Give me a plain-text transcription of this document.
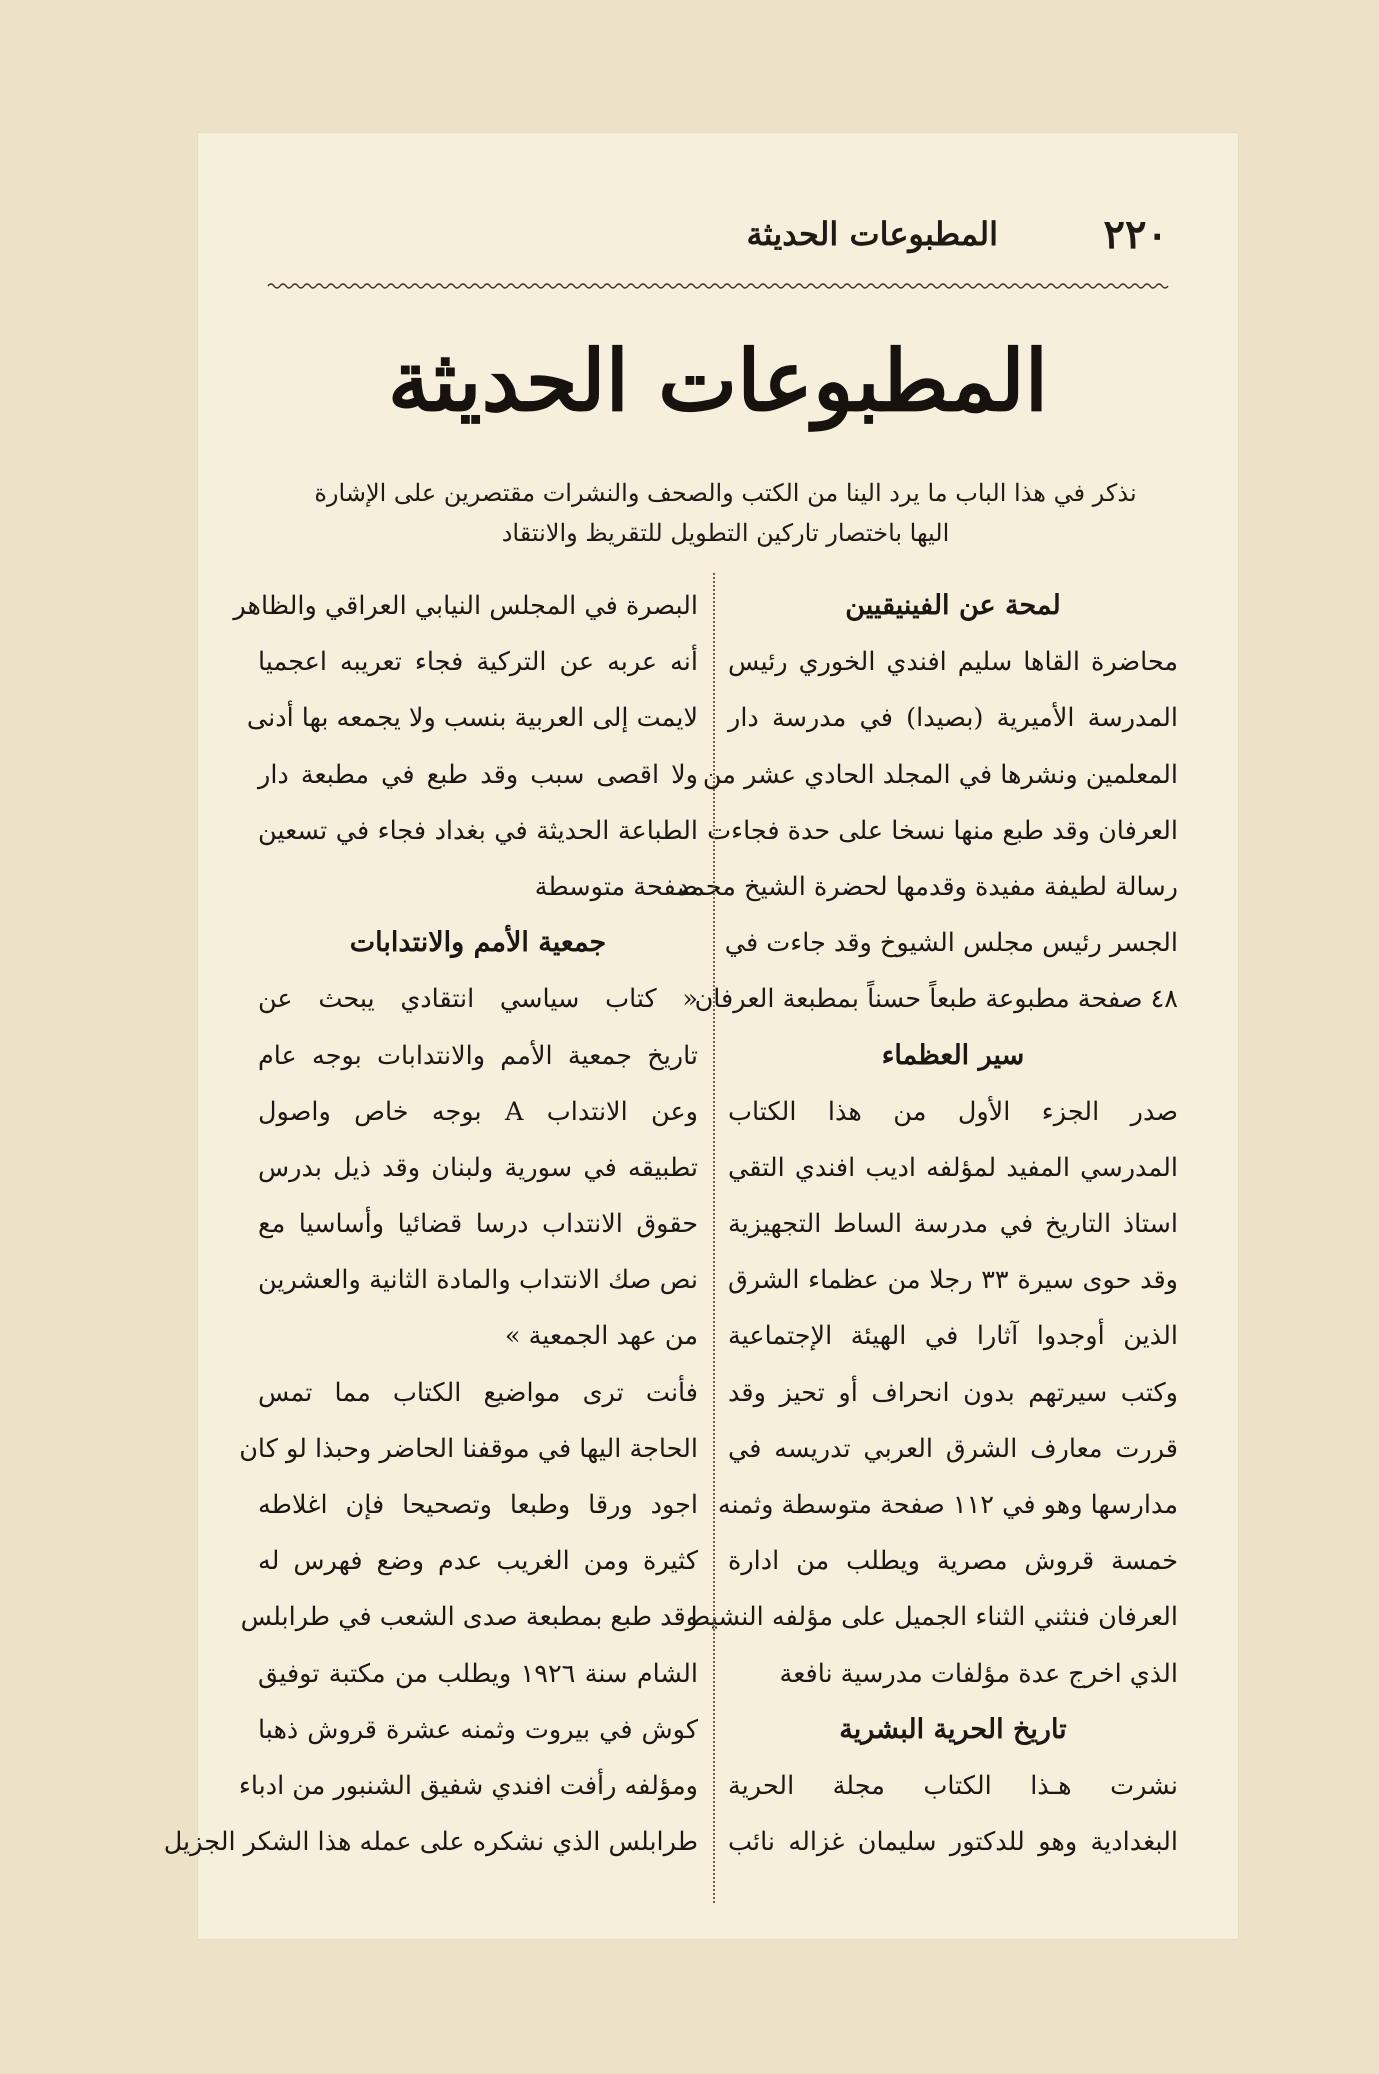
٢٢٠
المطبوعات الحديثة
المطبوعات الحديثة
نذكر في هذا الباب ما يرد الينا من الكتب والصحف والنشرات مقتصرين على الإشارة
اليها باختصار تاركين التطويل للتقريظ والانتقاد
لمحة عن الفينيقيين
محاضرة القاها سليم افندي الخوري رئيس
المدرسة الأميرية (بصيدا) في مدرسة دار
المعلمين ونشرها في المجلد الحادي عشر من
العرفان وقد طبع منها نسخا على حدة فجاءت
رسالة لطيفة مفيدة وقدمها لحضرة الشيخ محمد
الجسر رئيس مجلس الشيوخ وقد جاءت في
٤٨ صفحة مطبوعة طبعاً حسناً بمطبعة العرفان
سير العظماء
صدر الجزء الأول من هذا الكتاب
المدرسي المفيد لمؤلفه اديب افندي التقي
استاذ التاريخ في مدرسة الساط التجهيزية
وقد حوى سيرة ٣٣ رجلا من عظماء الشرق
الذين أوجدوا آثارا في الهيئة الإجتماعية
وكتب سيرتهم بدون انحراف أو تحيز وقد
قررت معارف الشرق العربي تدريسه في
مدارسها وهو في ١١٢ صفحة متوسطة وثمنه
خمسة قروش مصرية ويطلب من ادارة
العرفان فنثني الثناء الجميل على مؤلفه النشيط
الذي اخرج عدة مؤلفات مدرسية نافعة
تاريخ الحرية البشرية
نشرت هـذا الكتاب مجلة الحرية
البغدادية وهو للدكتور سليمان غزاله نائب
البصرة في المجلس النيابي العراقي والظاهر
أنه عربه عن التركية فجاء تعريبه اعجميا
لايمت إلى العربية بنسب ولا يجمعه بها أدنى
ولا اقصى سبب وقد طبع في مطبعة دار
الطباعة الحديثة في بغداد فجاء في تسعين
صفحة متوسطة
جمعية الأمم والانتدابات
« كتاب سياسي انتقادي يبحث عن
تاريخ جمعية الأمم والانتدابات بوجه عام
وعن الانتداب A بوجه خاص واصول
تطبيقه في سورية ولبنان وقد ذيل بدرس
حقوق الانتداب درسا قضائيا وأساسيا مع
نص صك الانتداب والمادة الثانية والعشرين
من عهد الجمعية »
فأنت ترى مواضيع الكتاب مما تمس
الحاجة اليها في موقفنا الحاضر وحبذا لو كان
اجود ورقا وطبعا وتصحيحا فإن اغلاطه
كثيرة ومن الغريب عدم وضع فهرس له
وقد طبع بمطبعة صدى الشعب في طرابلس
الشام سنة ١٩٢٦ ويطلب من مكتبة توفيق
كوش في بيروت وثمنه عشرة قروش ذهبا
ومؤلفه رأفت افندي شفيق الشنبور من ادباء
طرابلس الذي نشكره على عمله هذا الشكر الجزيل
